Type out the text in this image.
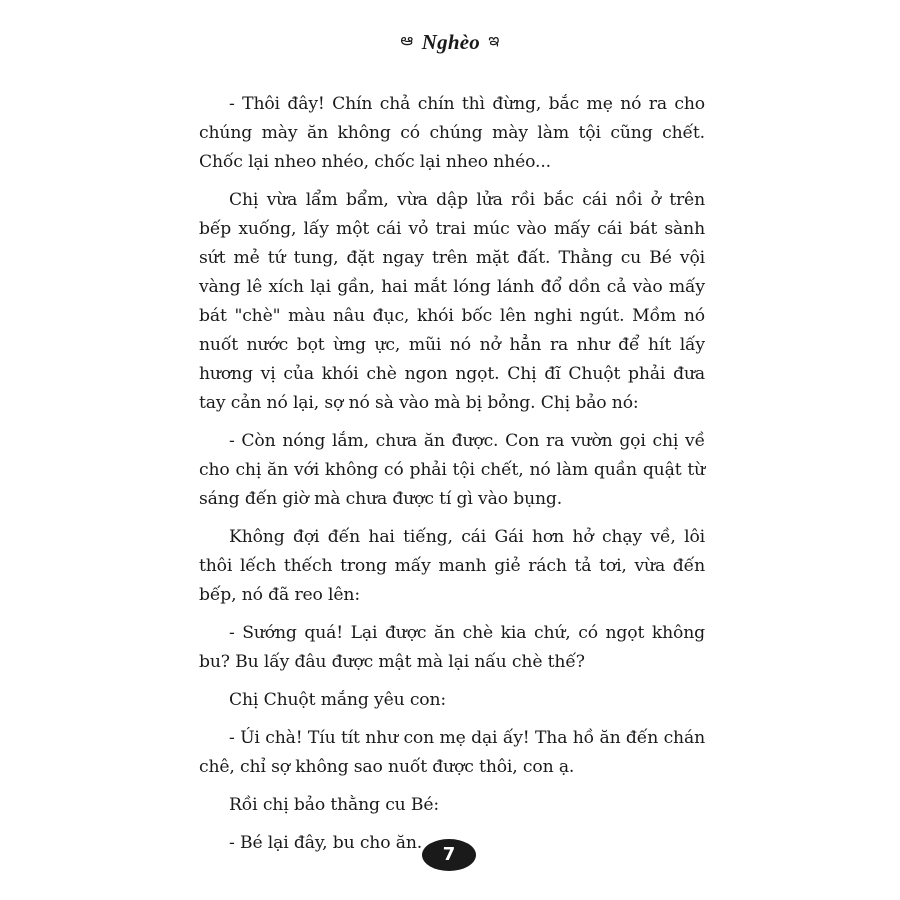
ఆ Nghèo ఇ

- Thôi đây! Chín chả chín thì đừng, bắc mẹ nó ra cho chúng mày ăn không có chúng mày làm tội cũng chết. Chốc lại nheo nhéo, chốc lại nheo nhéo...

Chị vừa lẩm bẩm, vừa dập lửa rồi bắc cái nồi ở trên bếp xuống, lấy một cái vỏ trai múc vào mấy cái bát sành sứt mẻ tứ tung, đặt ngay trên mặt đất. Thằng cu Bé vội vàng lê xích lại gần, hai mắt lóng lánh đổ dồn cả vào mấy bát "chè" màu nâu đục, khói bốc lên nghi ngút. Mồm nó nuốt nước bọt ừng ực, mũi nó nở hẳn ra như để hít lấy hương vị của khói chè ngon ngọt. Chị đĩ Chuột phải đưa tay cản nó lại, sợ nó sà vào mà bị bỏng. Chị bảo nó:

- Còn nóng lắm, chưa ăn được. Con ra vườn gọi chị về cho chị ăn với không có phải tội chết, nó làm quần quật từ sáng đến giờ mà chưa được tí gì vào bụng.

Không đợi đến hai tiếng, cái Gái hơn hở chạy về, lôi thôi lếch thếch trong mấy manh giẻ rách tả tơi, vừa đến bếp, nó đã reo lên:

- Sướng quá! Lại được ăn chè kia chứ, có ngọt không bu? Bu lấy đâu được mật mà lại nấu chè thế?

Chị Chuột mắng yêu con:

- Úi chà! Tíu tít như con mẹ dại ấy! Tha hồ ăn đến chán chê, chỉ sợ không sao nuốt được thôi, con ạ.

Rồi chị bảo thằng cu Bé:

- Bé lại đây, bu cho ăn.

7
